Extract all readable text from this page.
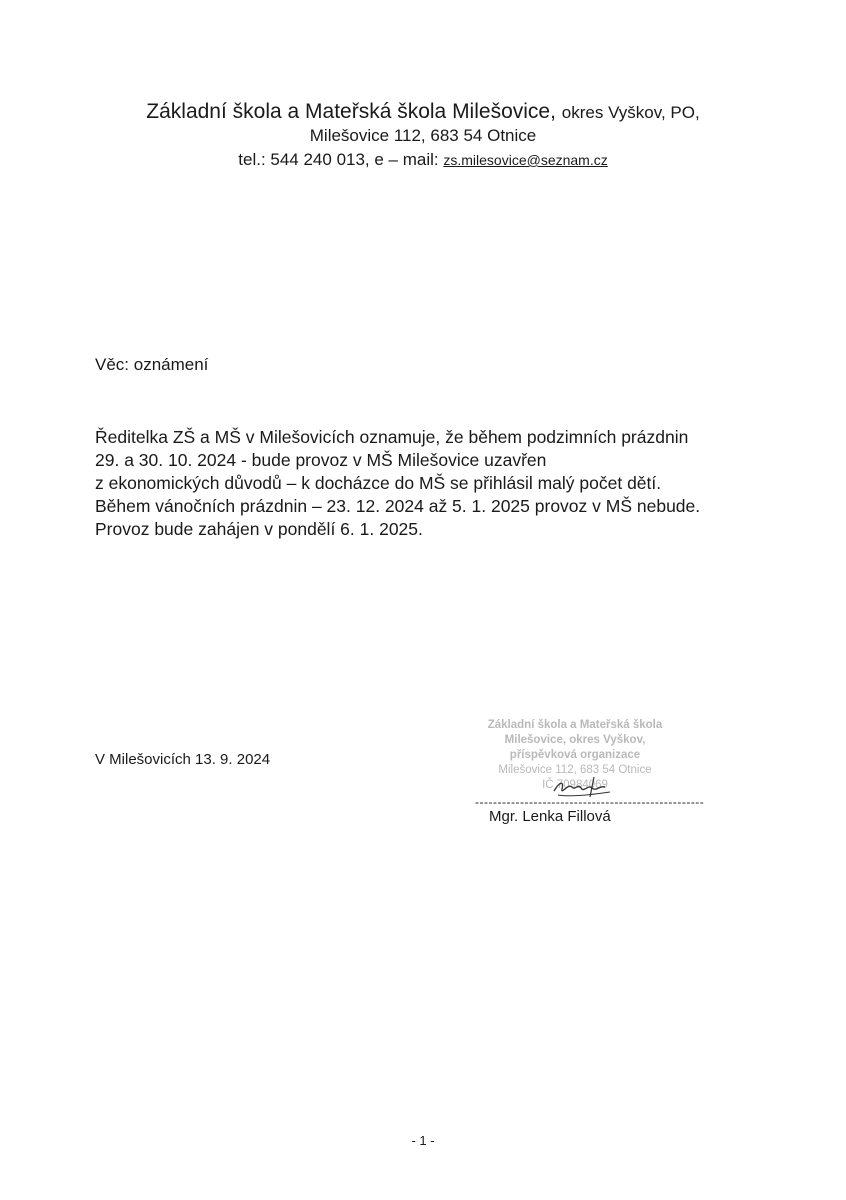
Základní škola a Mateřská škola Milešovice, okres Vyškov, PO,
Milešovice 112, 683 54 Otnice
tel.: 544 240 013, e – mail: zs.milesovice@seznam.cz
Věc: oznámení

Ředitelka ZŠ a MŠ v Milešovicích oznamuje, že během podzimních prázdnin

29. a 30. 10. 2024 - bude provoz v MŠ Milešovice uzavřen

z ekonomických důvodů – k docházce do MŠ se přihlásil malý počet dětí.

Během vánočních prázdnin – 23. 12. 2024 až 5. 1. 2025 provoz v MŠ nebude.

Provoz bude zahájen v pondělí 6. 1. 2025.

V Milešovicích 13. 9. 2024
Základní škola a Mateřská škola
Milešovice, okres Vyškov,
příspěvková organizace
Milešovice 112, 683 54 Otnice
IČ 70984069
---------------------------------------------------
Mgr. Lenka Fillová
- 1 -
